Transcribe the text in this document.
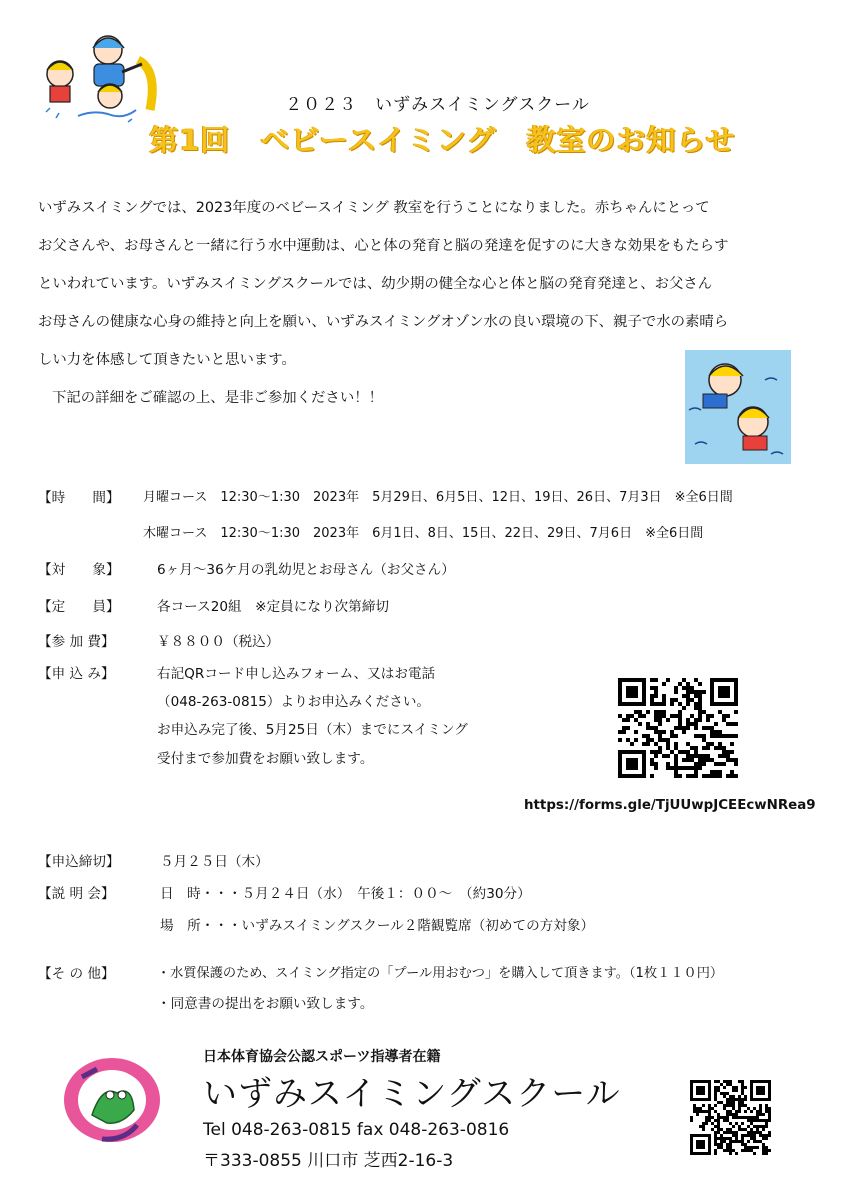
２０２３　いずみスイミングスクール
第1回　ベビースイミング　教室のお知らせ

いずみスイミングでは、2023年度のベビースイミング 教室を行うことになりました。赤ちゃんにとって

お父さんや、お母さんと一緒に行う水中運動は、心と体の発育と脳の発達を促すのに大きな効果をもたらす

といわれています。いずみスイミングスクールでは、幼少期の健全な心と体と脳の発育発達と、お父さん

お母さんの健康な心身の維持と向上を願い、いずみスイミングオゾン水の良い環境の下、親子で水の素晴ら

しい力を体感して頂きたいと思います。

下記の詳細をご確認の上、是非ご参加ください！！

【時　　間】 月曜コース　12:30～1:30　2023年　5月29日、6月5日、12日、19日、26日、7月3日　※全6日間
木曜コース　12:30～1:30　2023年　6月1日、8日、15日、22日、29日、7月6日　※全6日間
【対　　象】	6ヶ月～36ケ月の乳幼児とお母さん（お父さん）
【定　　員】	各コース20組　※定員になり次第締切
【参 加 費】	￥８８００（税込）
【申 込 み】	右記QRコード申し込みフォーム、又はお電話
（048-263-0815）よりお申込みください。
お申込み完了後、5月25日（木）までにスイミング
受付まで参加費をお願い致します。
https://forms.gle/TjUUwpJCEEcwNRea9
【申込締切】	５月２５日（木）
【説 明 会】	日　時・・・５月２４日（水）　午後１：００～　（約30分）
場　所・・・いずみスイミングスクール２階観覧席（初めての方対象）
【そ の 他】	・水質保護のため、スイミング指定の「プール用おむつ」を購入して頂きます。（1枚１１０円）
・同意書の提出をお願い致します。
日本体育協会公認スポーツ指導者在籍
いずみスイミングスクール
Tel 048-263-0815 fax 048-263-0816
〒333-0855 川口市 芝西2-16-3
